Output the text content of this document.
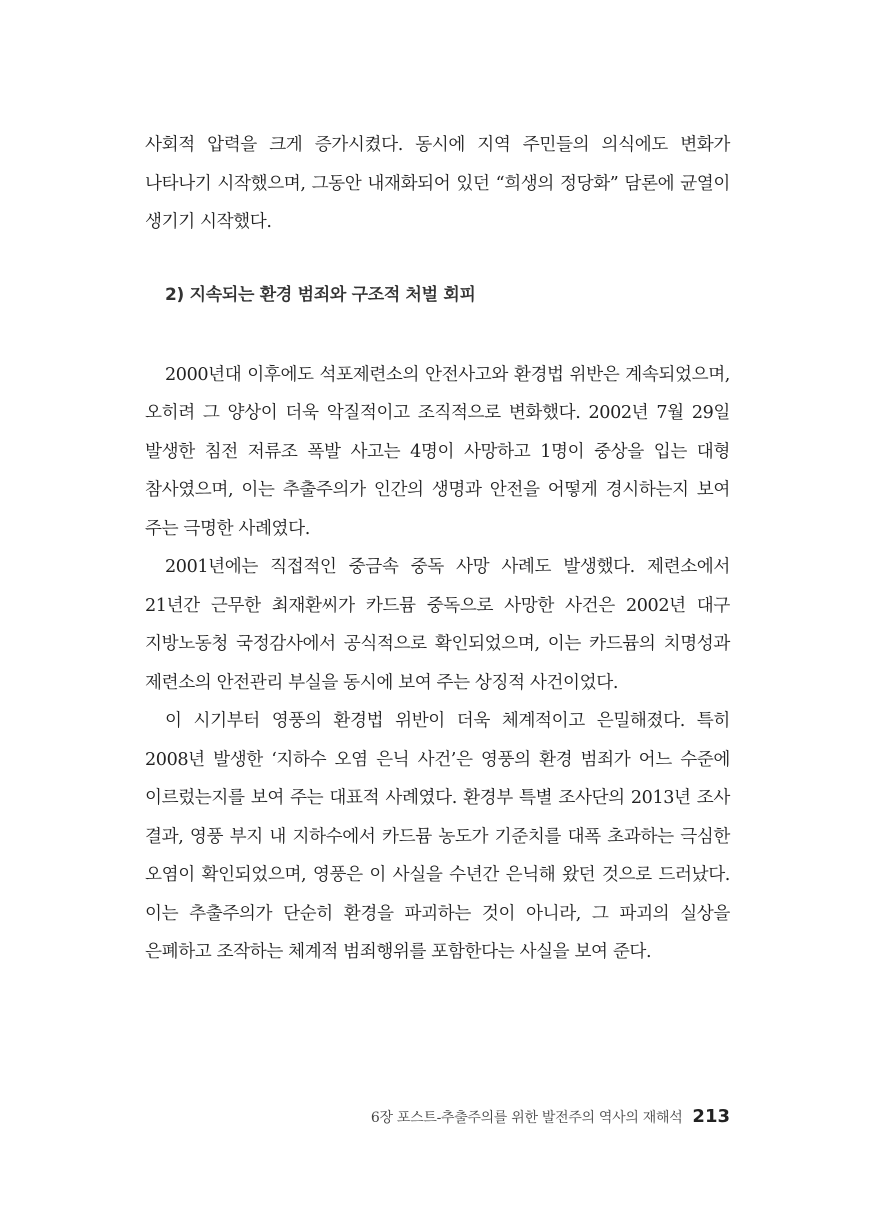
사회적 압력을 크게 증가시켰다. 동시에 지역 주민들의 의식에도 변화가 나타나기 시작했으며, 그동안 내재화되어 있던 “희생의 정당화” 담론에 균열이 생기기 시작했다.

2) 지속되는 환경 범죄와 구조적 처벌 회피

2000년대 이후에도 석포제련소의 안전사고와 환경법 위반은 계속되었으며, 오히려 그 양상이 더욱 악질적이고 조직적으로 변화했다. 2002년 7월 29일 발생한 침전 저류조 폭발 사고는 4명이 사망하고 1명이 중상을 입는 대형 참사였으며, 이는 추출주의가 인간의 생명과 안전을 어떻게 경시하는지 보여 주는 극명한 사례였다.

2001년에는 직접적인 중금속 중독 사망 사례도 발생했다. 제련소에서 21년간 근무한 최재환씨가 카드뮴 중독으로 사망한 사건은 2002년 대구 지방노동청 국정감사에서 공식적으로 확인되었으며, 이는 카드뮴의 치명성과 제련소의 안전관리 부실을 동시에 보여 주는 상징적 사건이었다.

이 시기부터 영풍의 환경법 위반이 더욱 체계적이고 은밀해졌다. 특히 2008년 발생한 ‘지하수 오염 은닉 사건’은 영풍의 환경 범죄가 어느 수준에 이르렀는지를 보여 주는 대표적 사례였다. 환경부 특별 조사단의 2013년 조사 결과, 영풍 부지 내 지하수에서 카드뮴 농도가 기준치를 대폭 초과하는 극심한 오염이 확인되었으며, 영풍은 이 사실을 수년간 은닉해 왔던 것으로 드러났다. 이는 추출주의가 단순히 환경을 파괴하는 것이 아니라, 그 파괴의 실상을 은폐하고 조작하는 체계적 범죄행위를 포함한다는 사실을 보여 준다.

6장 포스트-추출주의를 위한 발전주의 역사의 재해석 213
